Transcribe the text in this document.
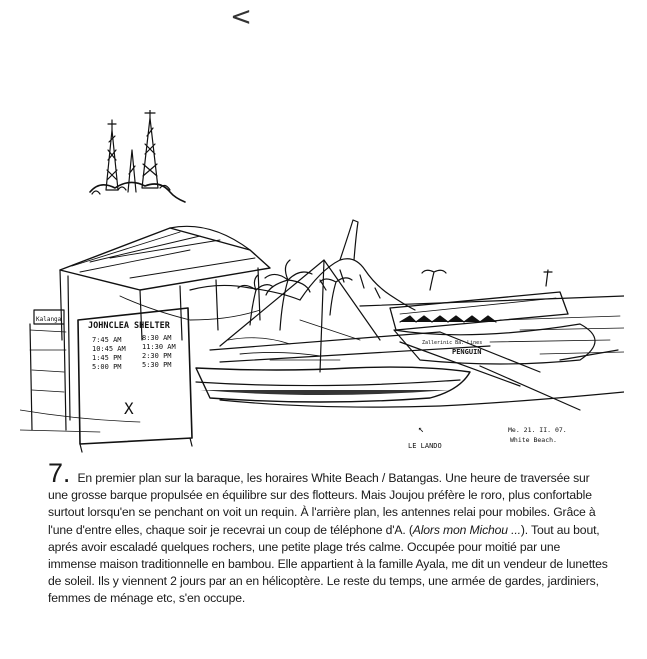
<
Kalanga
JOHNCLEA SHELTER
7:45 AM
10:45 AM
1:45 PM
5:00 PM
8:30 AM
11:30 AM
2:30 PM
5:30 PM
X
Zallerinic Ba. Lines
PENGUIN
↖
LE LANDO
Me. 21. II. 07.
White Beach.
7. En premier plan sur la baraque, les horaires White Beach / Batangas. Une heure de traversée sur une grosse barque propulsée en équilibre sur des flotteurs. Mais Joujou préfère le roro, plus confortable surtout lorsqu'en se penchant on voit un requin. À l'arrière plan, les antennes relai pour mobiles. Grâce à l'une d'entre elles, chaque soir je recevrai un coup de téléphone d'A. (Alors mon Michou ...). Tout au bout, aprés avoir escaladé quelques rochers, une petite plage trés calme. Occupée pour moitié par une immense maison traditionnelle en bambou. Elle appartient à la famille Ayala, me dit un vendeur de lunettes de soleil. Ils y viennent 2 jours par an en hélicoptère. Le reste du temps, une armée de gardes, jardiniers, femmes de ménage etc, s'en occupe.
